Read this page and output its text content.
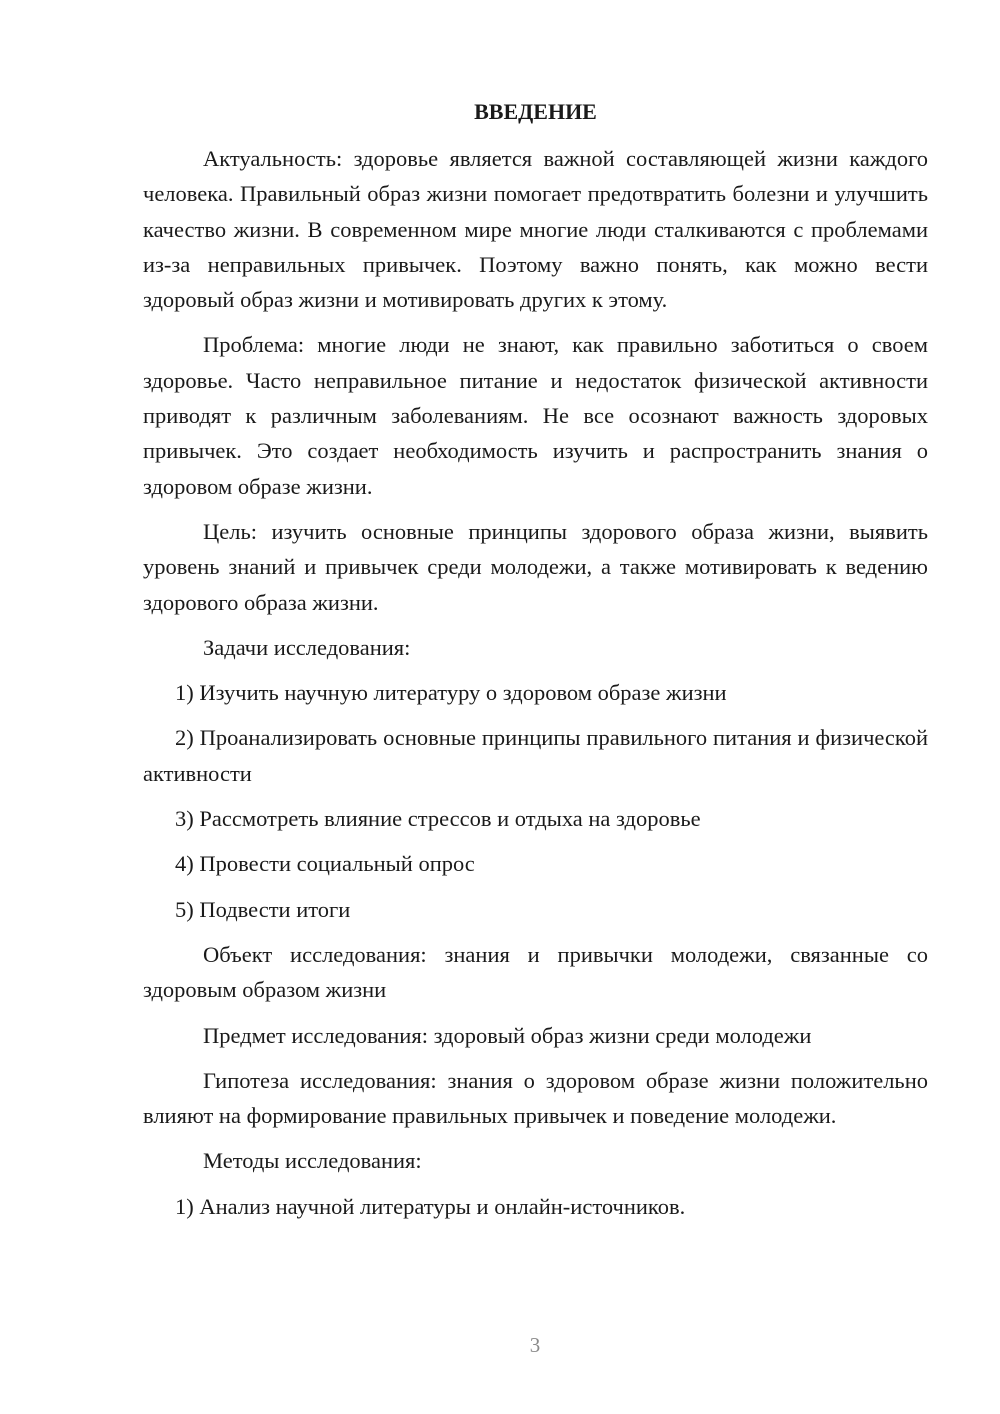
ВВЕДЕНИЕ

Актуальность: здоровье является важной составляющей жизни каждого человека. Правильный образ жизни помогает предотвратить болезни и улучшить качество жизни. В современном мире многие люди сталкиваются с проблемами из-за неправильных привычек. Поэтому важно понять, как можно вести здоровый образ жизни и мотивировать других к этому.

Проблема: многие люди не знают, как правильно заботиться о своем здоровье. Часто неправильное питание и недостаток физической активности приводят к различным заболеваниям. Не все осознают важность здоровых привычек. Это создает необходимость изучить и распространить знания о здоровом образе жизни.

Цель: изучить основные принципы здорового образа жизни, выявить уровень знаний и привычек среди молодежи, а также мотивировать к ведению здорового образа жизни.

Задачи исследования:

1) Изучить научную литературу о здоровом образе жизни

2) Проанализировать основные принципы правильного питания и физической активности

3) Рассмотреть влияние стрессов и отдыха на здоровье

4) Провести социальный опрос

5) Подвести итоги

Объект исследования: знания и привычки молодежи, связанные со здоровым образом жизни

Предмет исследования: здоровый образ жизни среди молодежи

Гипотеза исследования: знания о здоровом образе жизни положительно влияют на формирование правильных привычек и поведение молодежи.

Методы исследования:

1) Анализ научной литературы и онлайн-источников.

3
